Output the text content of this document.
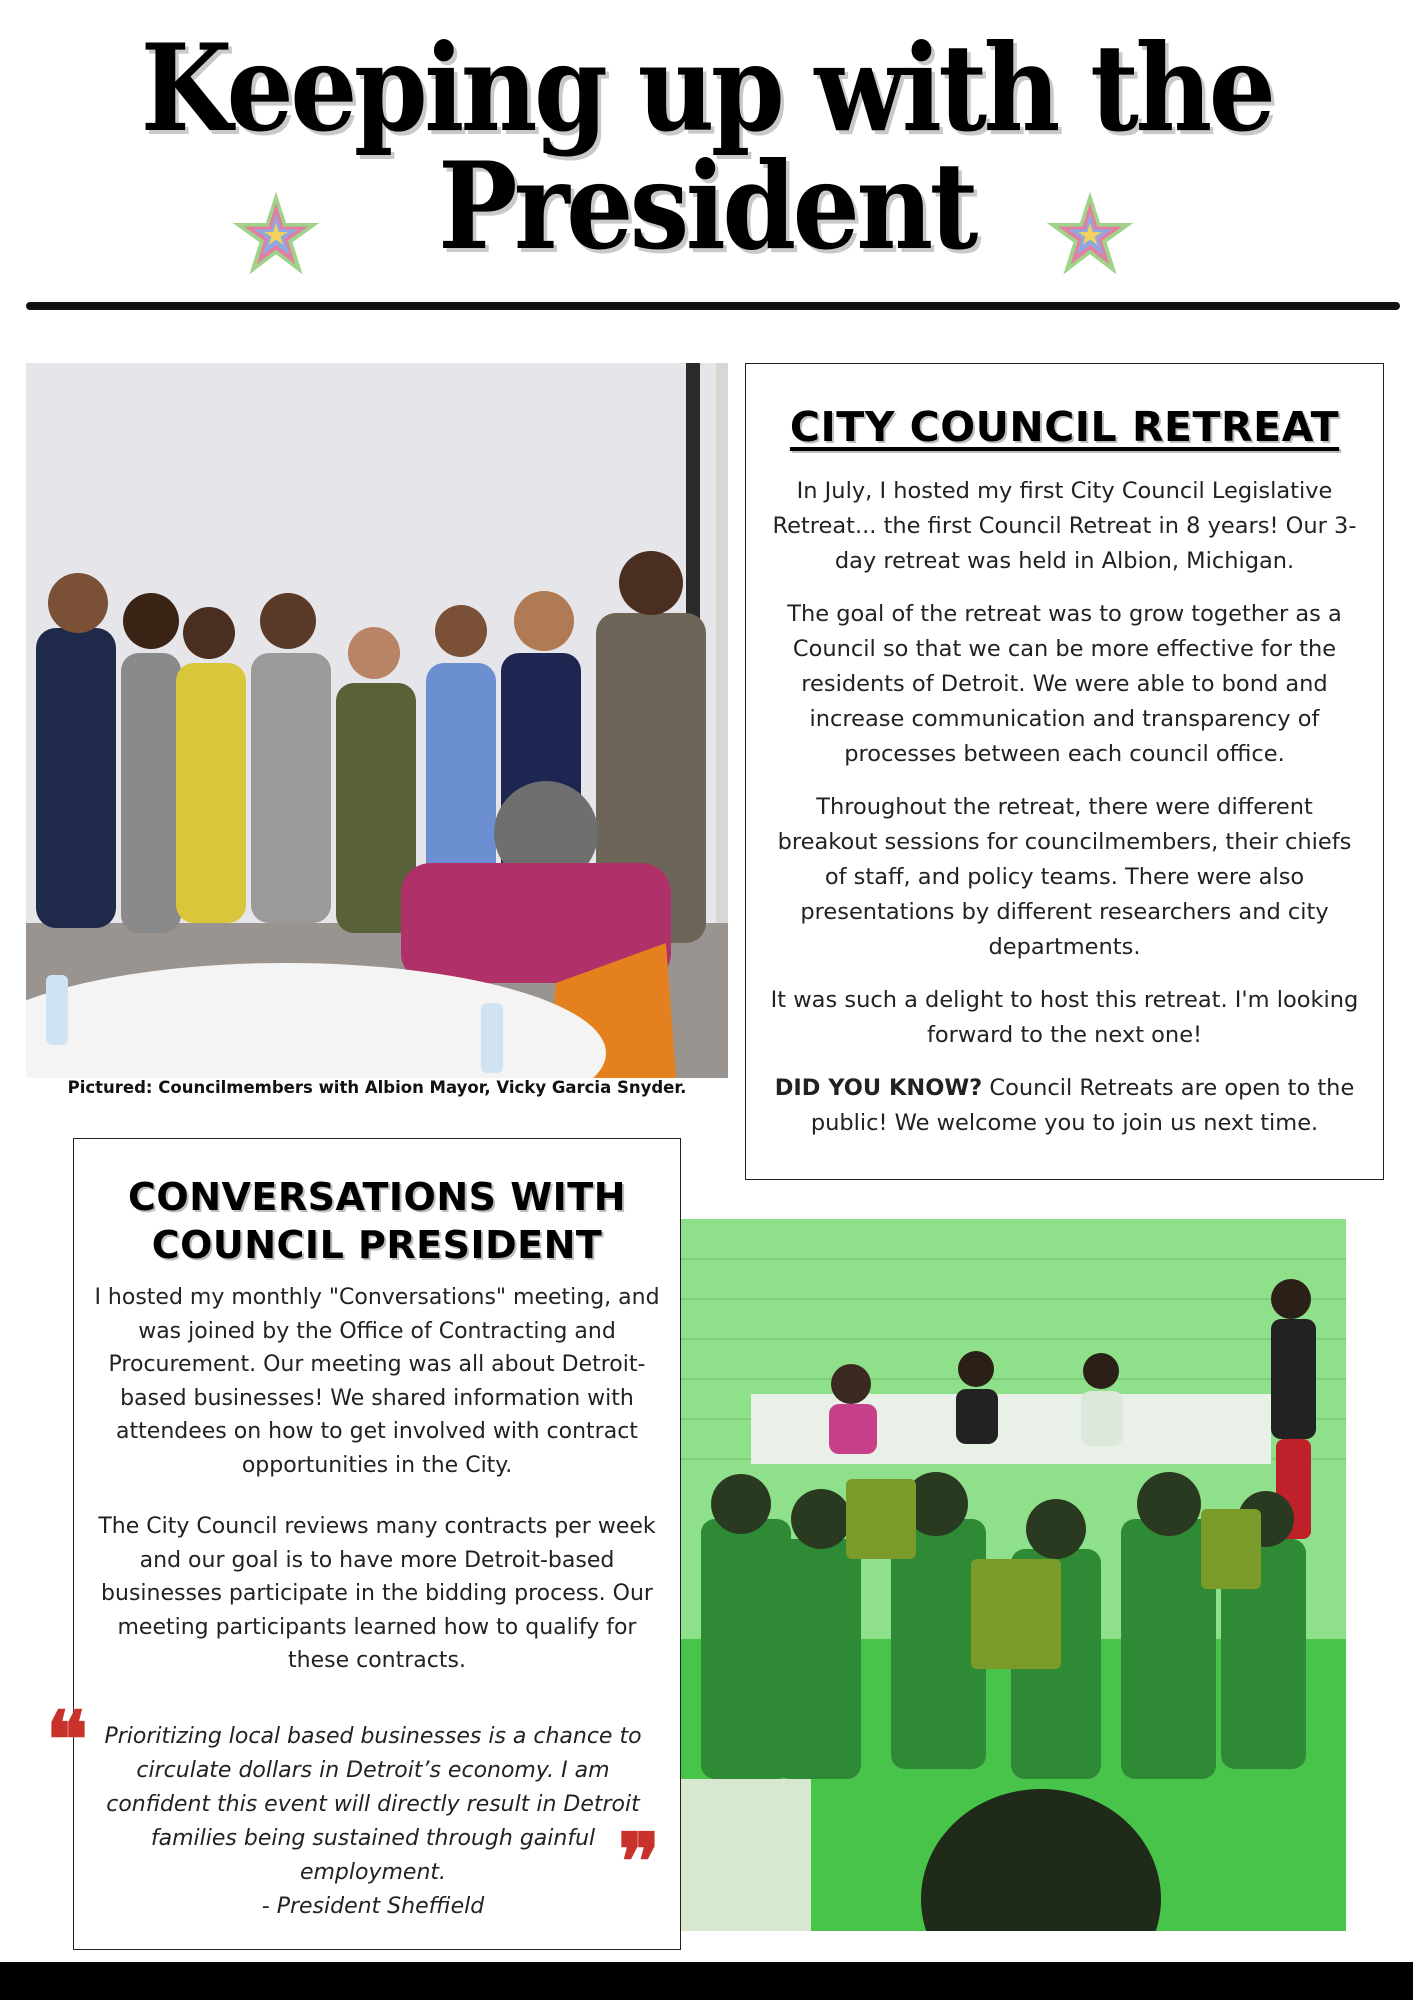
Keeping up with the
President
Pictured: Councilmembers with Albion Mayor, Vicky Garcia Snyder.
CITY COUNCIL RETREAT

In July, I hosted my first City Council Legislative Retreat... the first Council Retreat in 8 years! Our 3-day retreat was held in Albion, Michigan.

The goal of the retreat was to grow together as a Council so that we can be more effective for the residents of Detroit. We were able to bond and increase communication and transparency of processes between each council office.

Throughout the retreat, there were different breakout sessions for councilmembers, their chiefs of staff, and policy teams. There were also presentations by different researchers and city departments.

It was such a delight to host this retreat. I'm looking forward to the next one!

DID YOU KNOW? Council Retreats are open to the public! We welcome you to join us next time.

CONVERSATIONS WITH
COUNCIL PRESIDENT

I hosted my monthly "Conversations" meeting, and was joined by the Office of Contracting and Procurement. Our meeting was all about Detroit-based businesses! We shared information with attendees on how to get involved with contract opportunities in the City.

The City Council reviews many contracts per week and our goal is to have more Detroit-based businesses participate in the bidding process. Our meeting participants learned how to qualify for these contracts.

❝ Prioritizing local based businesses is a chance to circulate dollars in Detroit’s economy. I am confident this event will directly result in Detroit families being sustained through gainful employment.

- President Sheffield	❞
